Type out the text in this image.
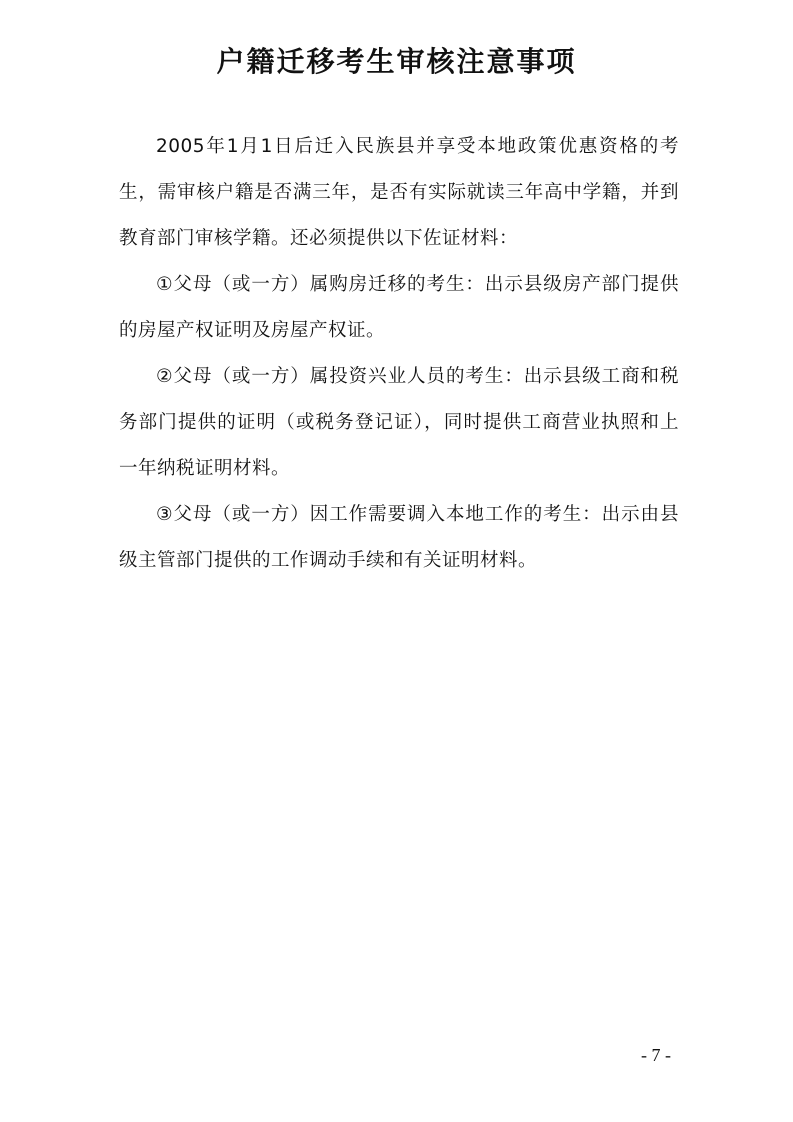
户籍迁移考生审核注意事项

2005年1月1日后迁入民族县并享受本地政策优惠资格的考生，需审核户籍是否满三年，是否有实际就读三年高中学籍，并到教育部门审核学籍。还必须提供以下佐证材料：

①父母（或一方）属购房迁移的考生：出示县级房产部门提供的房屋产权证明及房屋产权证。

②父母（或一方）属投资兴业人员的考生：出示县级工商和税务部门提供的证明（或税务登记证），同时提供工商营业执照和上一年纳税证明材料。

③父母（或一方）因工作需要调入本地工作的考生：出示由县级主管部门提供的工作调动手续和有关证明材料。

- 7 -
